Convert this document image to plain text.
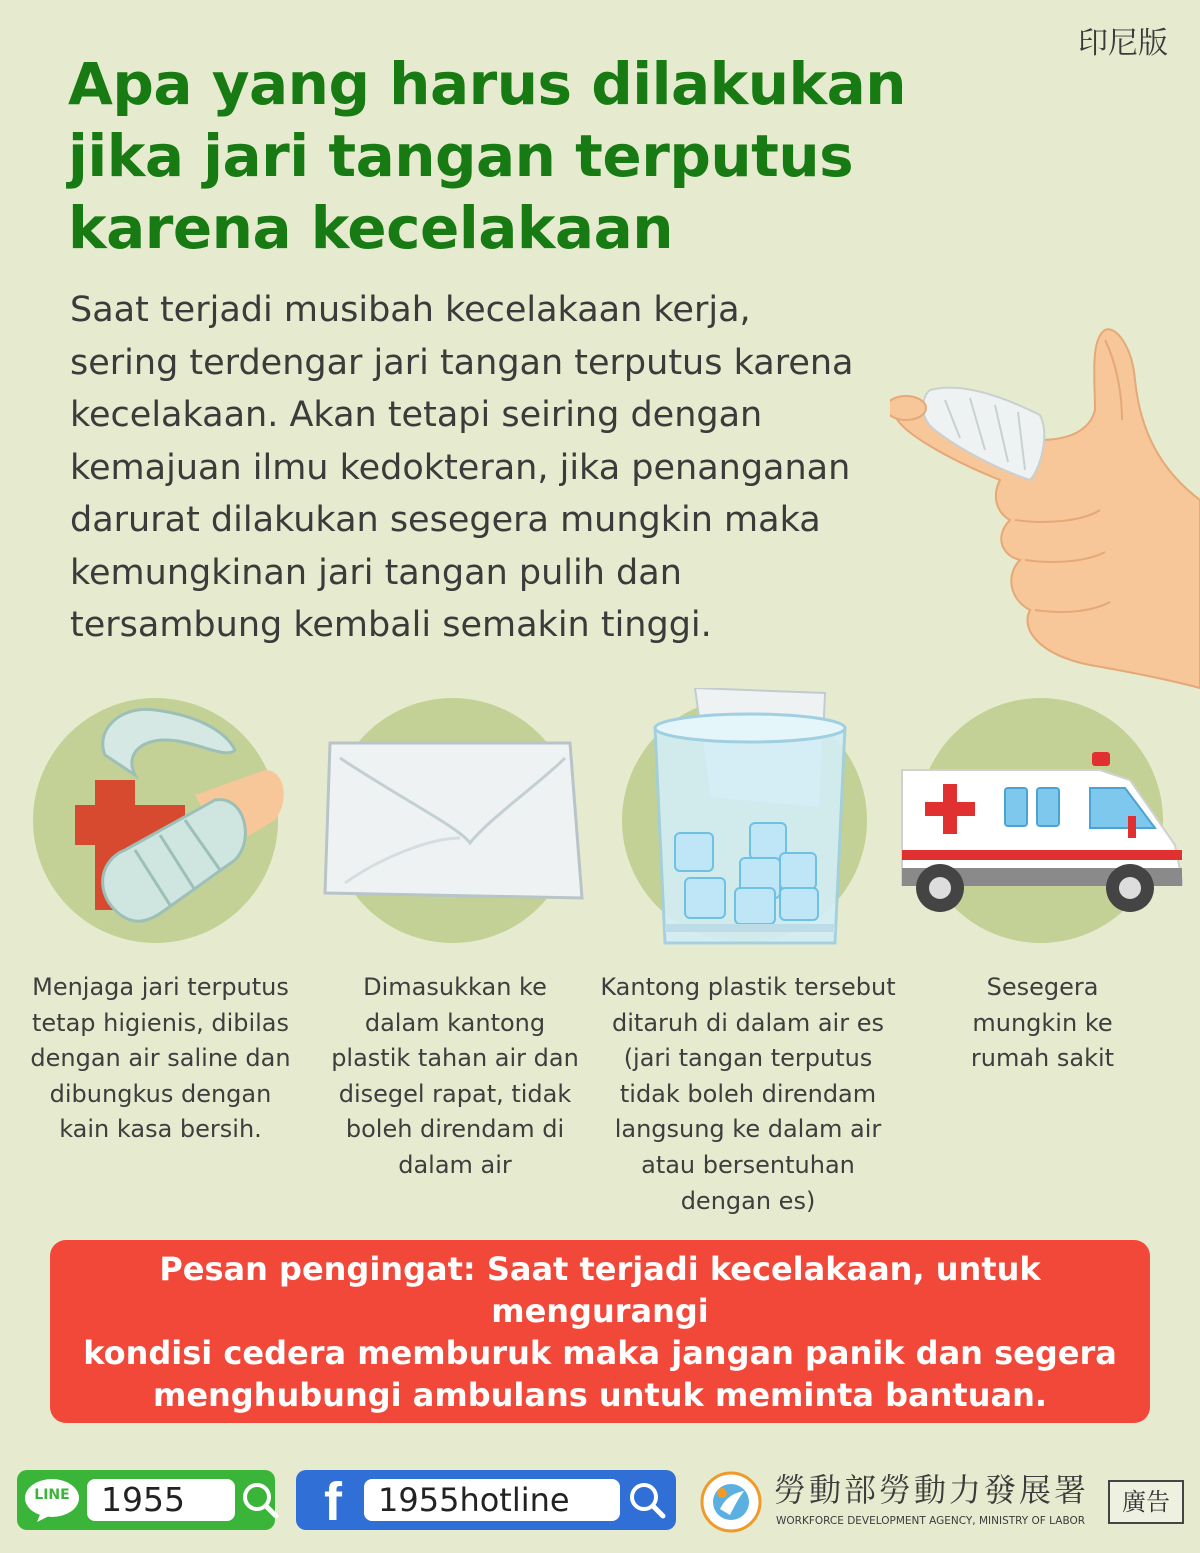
印尼版
Apa yang harus dilakukan
jika jari tangan terputus
karena kecelakaan

Saat terjadi musibah kecelakaan kerja,
sering terdengar jari tangan terputus karena
kecelakaan. Akan tetapi seiring dengan
kemajuan ilmu kedokteran, jika penanganan
darurat dilakukan sesegera mungkin maka
kemungkinan jari tangan pulih dan
tersambung kembali semakin tinggi.

Menjaga jari terputus
tetap higienis, dibilas
dengan air saline dan
dibungkus dengan
kain kasa bersih.

Dimasukkan ke
dalam kantong
plastik tahan air dan
disegel rapat, tidak
boleh direndam di
dalam air

Kantong plastik tersebut
ditaruh di dalam air es
(jari tangan terputus
tidak boleh direndam
langsung ke dalam air
atau bersentuhan
dengan es)

Sesegera
mungkin ke
rumah sakit

Pesan pengingat: Saat terjadi kecelakaan, untuk mengurangi
kondisi cedera memburuk maka jangan panik dan segera
menghubungi ambulans untuk meminta bantuan.

LINE 1955	f	1955hotline	勞動部勞動力發展署
WORKFORCE DEVELOPMENT AGENCY, MINISTRY OF LABOR
廣告
